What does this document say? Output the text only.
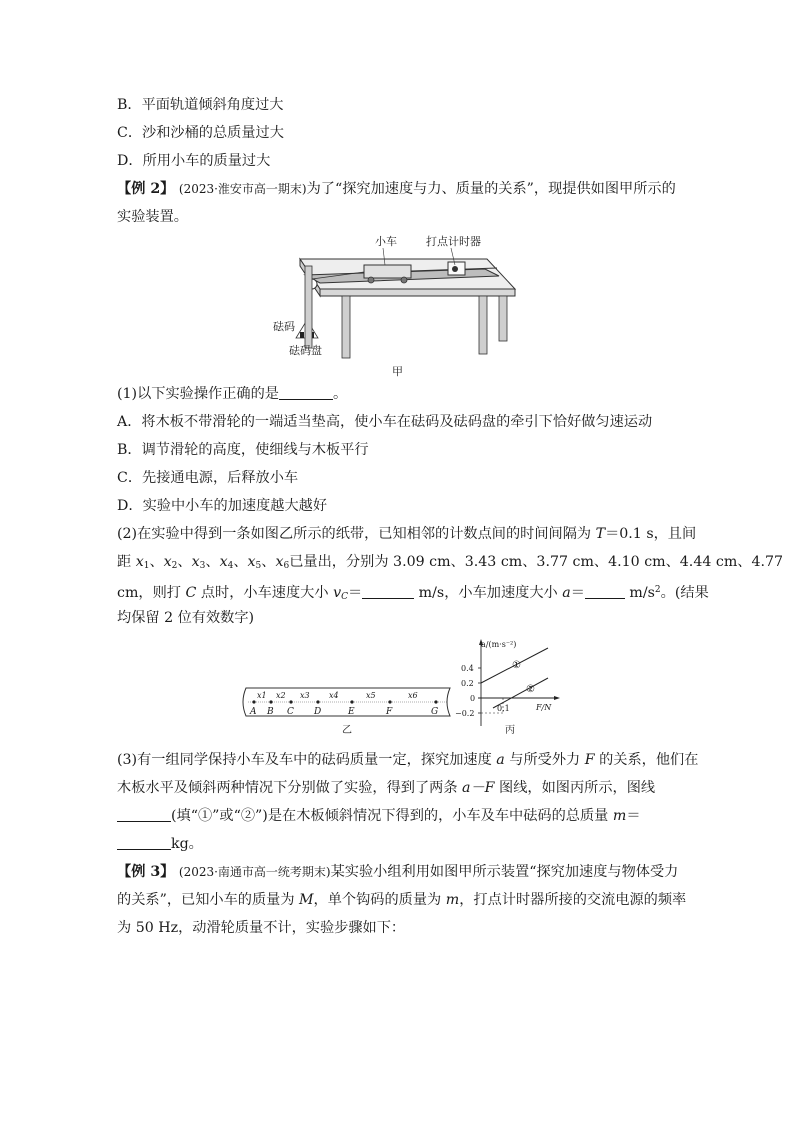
B．平面轨道倾斜角度过大
C．沙和沙桶的总质量过大
D．所用小车的质量过大
【例 2】 (2023·淮安市高一期末)为了“探究加速度与力、质量的关系”，现提供如图甲所示的
实验装置。
小车	打点计时器
砝码
砝码盘
甲
(1)以下实验操作正确的是	。
A．将木板不带滑轮的一端适当垫高，使小车在砝码及砝码盘的牵引下恰好做匀速运动
B．调节滑轮的高度，使细线与木板平行
C．先接通电源，后释放小车
D．实验中小车的加速度越大越好
(2)在实验中得到一条如图乙所示的纸带，已知相邻的计数点间的时间间隔为 T＝0.1 s，且间
距 $x_1$、$x_2$、$x_3$、$x_4$、$x_5$、$x_6$已量出，分别为 3.09 cm、3.43 cm、3.77 cm、4.10 cm、4.44 cm、4.77
cm，则打 C 点时，小车速度大小 $v_C=$	m/s，小车加速度大小 a＝	$m/s^2$。(结果
均保留 2 位有效数字)
x1 x2 x3 x4	x5	x6
A B C D	E	F	G
乙
a/(m·s⁻²)
F/N
0.4
0.2
0
−0.2
0.1
①
②
丙
(3)有一组同学保持小车及车中的砝码质量一定，探究加速度 a 与所受外力 F 的关系，他们在
木板水平及倾斜两种情况下分别做了实验，得到了两条 a－F 图线，如图丙所示，图线
(填“①”或“②”)是在木板倾斜情况下得到的，小车及车中砝码的总质量 m＝
kg。
【例 3】 (2023·南通市高一统考期末)某实验小组利用如图甲所示装置“探究加速度与物体受力
的关系”，已知小车的质量为 M，单个钩码的质量为 m，打点计时器所接的交流电源的频率
为 50 Hz，动滑轮质量不计，实验步骤如下：
